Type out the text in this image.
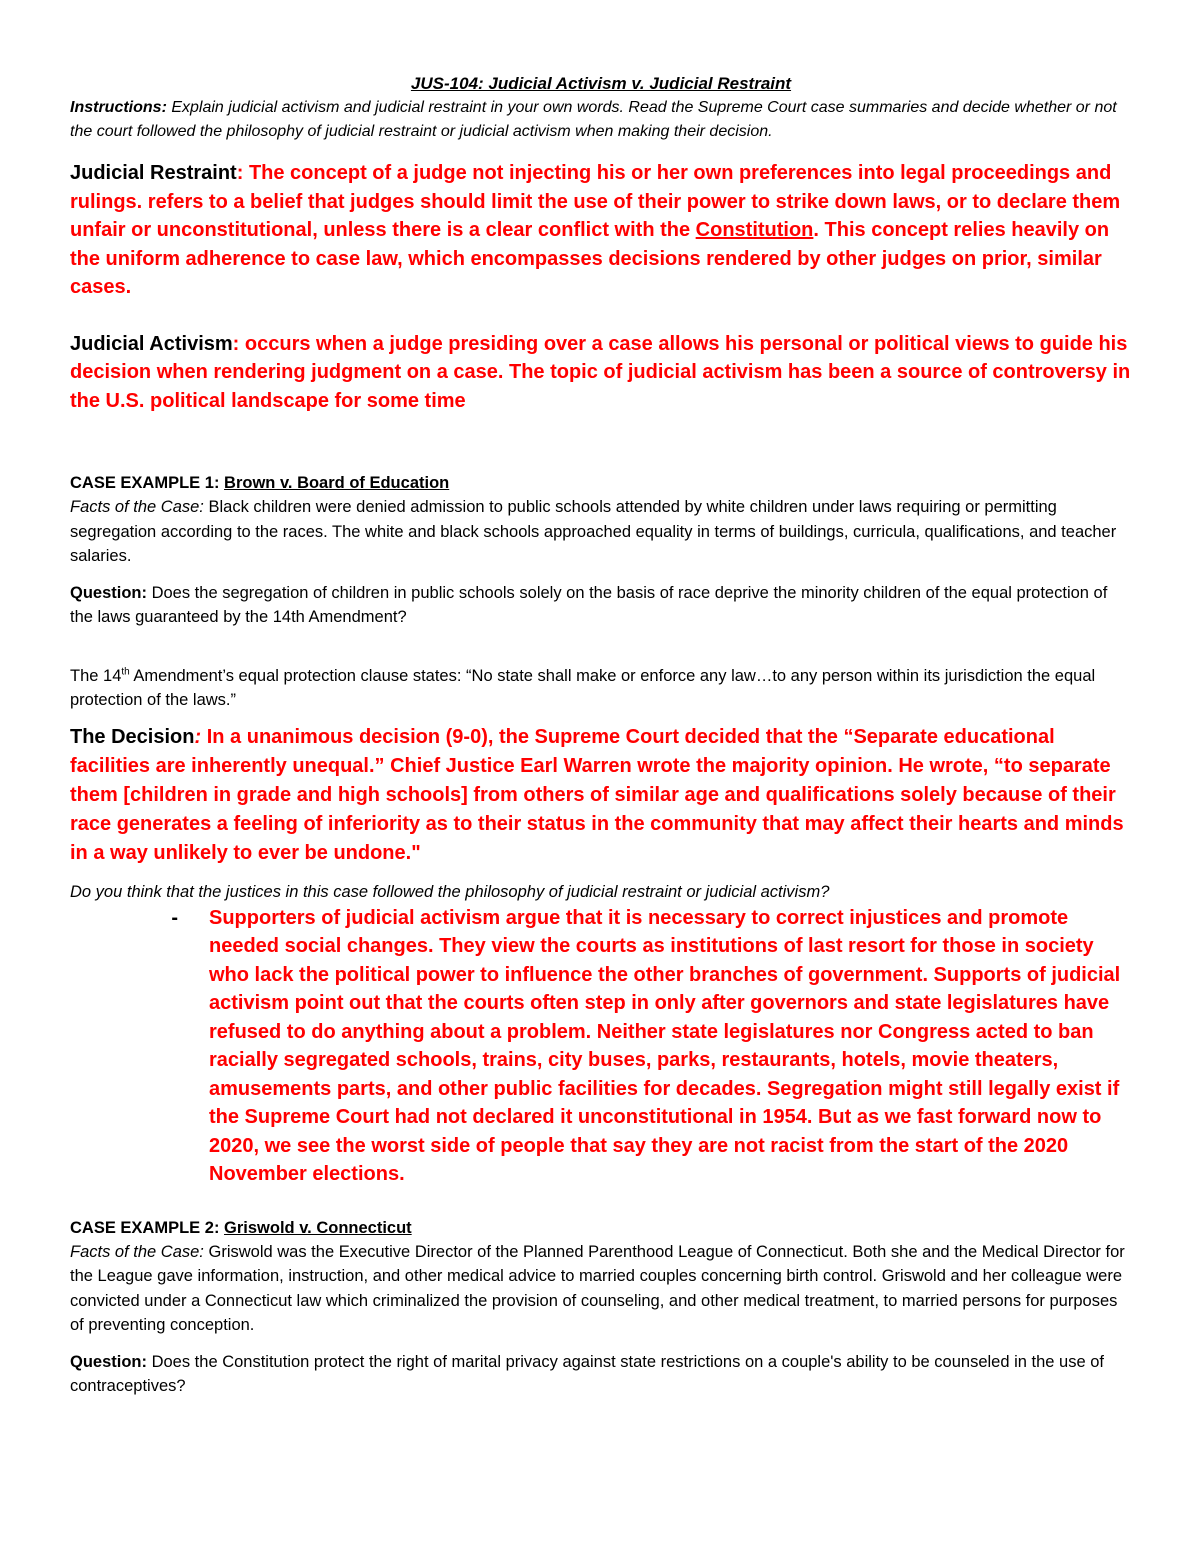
JUS-104: Judicial Activism v. Judicial Restraint

Instructions: Explain judicial activism and judicial restraint in your own words. Read the Supreme Court case summaries and decide whether or not the court followed the philosophy of judicial restraint or judicial activism when making their decision.

Judicial Restraint: The concept of a judge not injecting his or her own preferences into legal proceedings and rulings. refers to a belief that judges should limit the use of their power to strike down laws, or to declare them unfair or unconstitutional, unless there is a clear conflict with the Constitution. This concept relies heavily on the uniform adherence to case law, which encompasses decisions rendered by other judges on prior, similar cases.

Judicial Activism: occurs when a judge presiding over a case allows his personal or political views to guide his decision when rendering judgment on a case. The topic of judicial activism has been a source of controversy in the U.S. political landscape for some time

CASE EXAMPLE 1: Brown v. Board of Education

Facts of the Case: Black children were denied admission to public schools attended by white children under laws requiring or permitting segregation according to the races. The white and black schools approached equality in terms of buildings, curricula, qualifications, and teacher salaries.

Question: Does the segregation of children in public schools solely on the basis of race deprive the minority children of the equal protection of the laws guaranteed by the 14th Amendment?

The 14th Amendment’s equal protection clause states: “No state shall make or enforce any law…to any person within its jurisdiction the equal protection of the laws.”

The Decision: In a unanimous decision (9-0), the Supreme Court decided that the “Separate educational facilities are inherently unequal.” Chief Justice Earl Warren wrote the majority opinion. He wrote, “to separate them [children in grade and high schools] from others of similar age and qualifications solely because of their race generates a feeling of inferiority as to their status in the community that may affect their hearts and minds in a way unlikely to ever be undone."

Do you think that the justices in this case followed the philosophy of judicial restraint or judicial activism?

-	Supporters of judicial activism argue that it is necessary to correct injustices and promote needed social changes. They view the courts as institutions of last resort for those in society who lack the political power to influence the other branches of government. Supports of judicial activism point out that the courts often step in only after governors and state legislatures have refused to do anything about a problem. Neither state legislatures nor Congress acted to ban racially segregated schools, trains, city buses, parks, restaurants, hotels, movie theaters, amusements parts, and other public facilities for decades. Segregation might still legally exist if the Supreme Court had not declared it unconstitutional in 1954. But as we fast forward now to 2020, we see the worst side of people that say they are not racist from the start of the 2020 November elections.

CASE EXAMPLE 2: Griswold v. Connecticut

Facts of the Case: Griswold was the Executive Director of the Planned Parenthood League of Connecticut. Both she and the Medical Director for the League gave information, instruction, and other medical advice to married couples concerning birth control. Griswold and her colleague were convicted under a Connecticut law which criminalized the provision of counseling, and other medical treatment, to married persons for purposes of preventing conception.

Question: Does the Constitution protect the right of marital privacy against state restrictions on a couple's ability to be counseled in the use of contraceptives?
